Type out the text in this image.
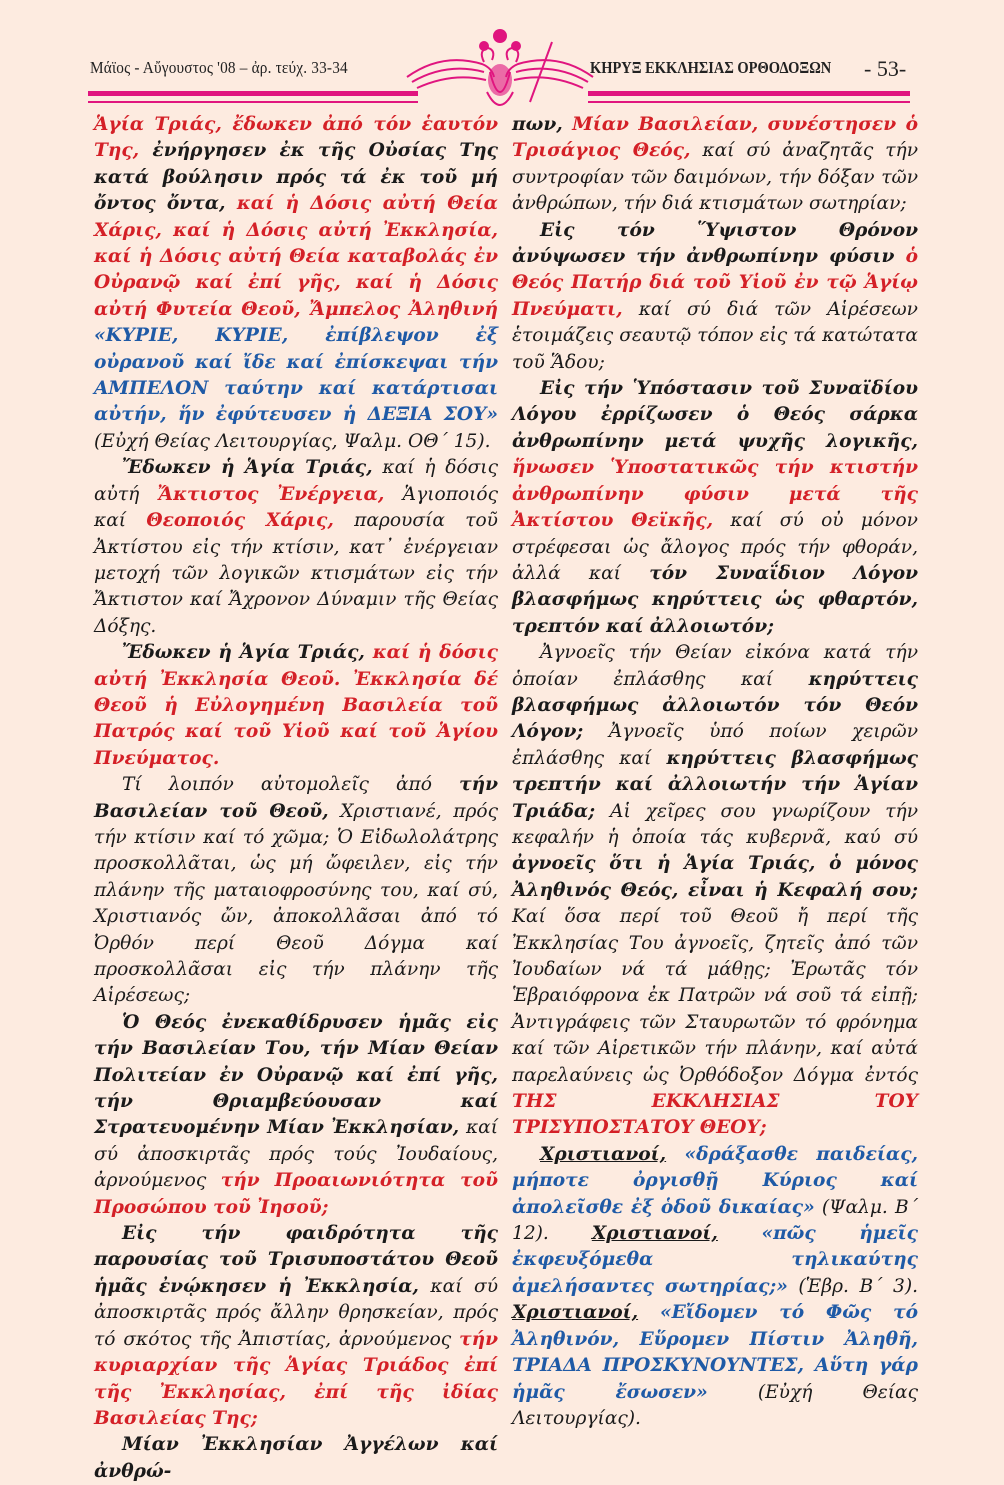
Μάϊος - Αὔγουστος '08 – ἀρ. τεύχ. 33-34	ΚΗΡΥΞ ΕΚΚΛΗΣΙΑΣ ΟΡΘΟΔΟΞΩΝ - 53-

Ἁγία Τριάς, ἔδωκεν ἀπό τόν ἑαυτόν Της, ἐνήργησεν ἐκ τῆς Οὐσίας Της κατά βούλησιν πρός τά ἐκ τοῦ μή ὄντος ὄντα, καί ἡ Δόσις αὐτή Θεία Χάρις, καί ἡ Δόσις αὐτή Ἐκκλησία, καί ἡ Δόσις αὐτή Θεία καταβολάς ἐν Οὐρανῷ καί ἐπί γῆς, καί ἡ Δόσις αὐτή Φυτεία Θεοῦ, Ἄμπελος Ἀληθινή «ΚΥΡΙΕ, ΚΥΡΙΕ, ἐπίβλεψον ἐξ οὐρανοῦ καί ἴδε καί ἐπίσκεψαι τήν ΑΜΠΕΛΟΝ ταύτην καί κατάρτισαι αὐτήν, ἥν ἐφύτευσεν ἡ ΔΕΞΙΑ ΣΟΥ» (Εὐχή Θείας Λειτουργίας, Ψαλμ. ΟΘ´ 15).

Ἔδωκεν ἡ Ἁγία Τριάς, καί ἡ δόσις αὐτή Ἄκτιστος Ἐνέργεια, Ἁγιοποιός καί Θεοποιός Χάρις, παρουσία τοῦ Ἀκτίστου εἰς τήν κτίσιν, κατ᾽ ἐνέργειαν μετοχή τῶν λογικῶν κτισμάτων εἰς τήν Ἄκτιστον καί Ἄχρονον Δύναμιν τῆς Θείας Δόξης.

Ἔδωκεν ἡ Ἁγία Τριάς, καί ἡ δόσις αὐτή Ἐκκλησία Θεοῦ. Ἐκκλησία δέ Θεοῦ ἡ Εὐλογημένη Βασιλεία τοῦ Πατρός καί τοῦ Υἱοῦ καί τοῦ Ἁγίου Πνεύματος.

Τί λοιπόν αὐτομολεῖς ἀπό τήν Βασιλείαν τοῦ Θεοῦ, Χριστιανέ, πρός τήν κτίσιν καί τό χῶμα; Ὁ Εἰδωλολάτρης προσκολλᾶται, ὡς μή ὤφειλεν, εἰς τήν πλάνην τῆς ματαιοφροσύνης του, καί σύ, Χριστιανός ὤν, ἀποκολλᾶσαι ἀπό τό Ὀρθόν περί Θεοῦ Δόγμα καί προσκολλᾶσαι εἰς τήν πλάνην τῆς Αἱρέσεως;

Ὁ Θεός ἐνεκαθίδρυσεν ἡμᾶς εἰς τήν Βασιλείαν Του, τήν Μίαν Θείαν Πολιτείαν ἐν Οὐρανῷ καί ἐπί γῆς, τήν Θριαμβεύουσαν καί Στρατευομένην Μίαν Ἐκκλησίαν, καί σύ ἀποσκιρτᾶς πρός τούς Ἰουδαίους, ἀρνούμενος τήν Προαιωνιότητα τοῦ Προσώπου τοῦ Ἰησοῦ;

Εἰς τήν φαιδρότητα τῆς παρουσίας τοῦ Τρισυποστάτου Θεοῦ ἡμᾶς ἐνῴκησεν ἡ Ἐκκλησία, καί σύ ἀποσκιρτᾶς πρός ἄλλην θρησκείαν, πρός τό σκότος τῆς Ἀπιστίας, ἀρνούμενος τήν κυριαρχίαν τῆς Ἁγίας Τριάδος ἐπί τῆς Ἐκκλησίας, ἐπί τῆς ἰδίας Βασιλείας Της;

Μίαν Ἐκκλησίαν Ἀγγέλων καί ἀνθρώ-

πων, Μίαν Βασιλείαν, συνέστησεν ὁ Τρισάγιος Θεός, καί σύ ἀναζητᾶς τήν συντροφίαν τῶν δαιμόνων, τήν δόξαν τῶν ἀνθρώπων, τήν διά κτισμάτων σωτηρίαν;

Εἰς τόν Ὕψιστον Θρόνον ἀνύψωσεν τήν ἀνθρωπίνην φύσιν ὁ Θεός Πατήρ διά τοῦ Υἱοῦ ἐν τῷ Ἁγίῳ Πνεύματι, καί σύ διά τῶν Αἱρέσεων ἑτοιμάζεις σεαυτῷ τόπον εἰς τά κατώτατα τοῦ Ἅδου;

Εἰς τήν Ὑπόστασιν τοῦ Συναϊδίου Λόγου ἐρρίζωσεν ὁ Θεός σάρκα ἀνθρωπίνην μετά ψυχῆς λογικῆς, ἥνωσεν Ὑποστατικῶς τήν κτιστήν ἀνθρωπίνην φύσιν μετά τῆς Ἀκτίστου Θεϊκῆς, καί σύ οὐ μόνον στρέφεσαι ὡς ἄλογος πρός τήν φθοράν, ἀλλά καί τόν Συναΐδιον Λόγον βλασφήμως κηρύττεις ὡς φθαρτόν, τρεπτόν καί ἀλλοιωτόν;

Ἀγνοεῖς τήν Θείαν εἰκόνα κατά τήν ὁποίαν ἐπλάσθης καί κηρύττεις βλασφήμως ἀλλοιωτόν τόν Θεόν Λόγον; Ἀγνοεῖς ὑπό ποίων χειρῶν ἐπλάσθης καί κηρύττεις βλασφήμως τρεπτήν καί ἀλλοιωτήν τήν Ἁγίαν Τριάδα; Αἱ χεῖρες σου γνωρίζουν τήν κεφαλήν ἡ ὁποία τάς κυβερνᾶ, καύ σύ ἀγνοεῖς ὅτι ἡ Ἁγία Τριάς, ὁ μόνος Ἀληθινός Θεός, εἶναι ἡ Κεφαλή σου; Καί ὅσα περί τοῦ Θεοῦ ἤ περί τῆς Ἐκκλησίας Του ἀγνοεῖς, ζητεῖς ἀπό τῶν Ἰουδαίων νά τά μάθῃς; Ἐρωτᾶς τόν Ἑβραιόφρονα ἐκ Πατρῶν νά σοῦ τά εἰπῇ; Ἀντιγράφεις τῶν Σταυρωτῶν τό φρόνημα καί τῶν Αἱρετικῶν τήν πλάνην, καί αὐτά παρελαύνεις ὡς Ὀρθόδοξον Δόγμα ἐντός ΤΗΣ ΕΚΚΛΗΣΙΑΣ ΤΟΥ ΤΡΙΣΥΠΟΣΤΑΤΟΥ ΘΕΟΥ;

Χριστιανοί, «δράξασθε παιδείας, μήποτε ὀργισθῇ Κύριος καί ἀπολεῖσθε ἐξ ὁδοῦ δικαίας» (Ψαλμ. Β´ 12). Χριστιανοί, «πῶς ἡμεῖς ἐκφευξόμεθα τηλικαύτης ἀμελήσαντες σωτηρίας;» (Ἑβρ. Β´ 3). Χριστιανοί, «Εἴδομεν τό Φῶς τό Ἀληθινόν, Εὕρομεν Πίστιν Ἀληθῆ, ΤΡΙΑΔΑ ΠΡΟΣΚΥΝΟΥΝΤΕΣ, Αὕτη γάρ ἡμᾶς ἔσωσεν» (Εὐχή Θείας Λειτουργίας).
